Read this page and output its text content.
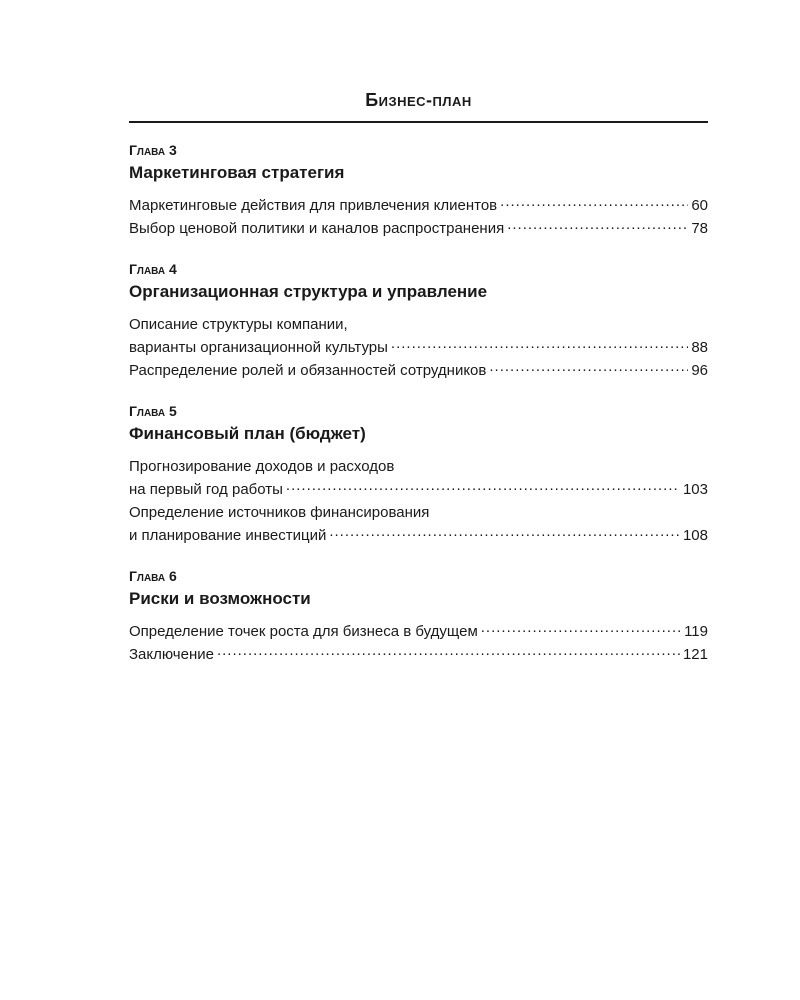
Бизнес-план
Глава 3
Маркетинговая стратегия
Маркетинговые действия для привлечения клиентов .....	60
Выбор ценовой политики и каналов распространения .....	78
Глава 4
Организационная структура и управление
Описание структуры компании,
варианты организационной культуры .....	88
Распределение ролей и обязанностей сотрудников .....	96
Глава 5
Финансовый план (бюджет)
Прогнозирование доходов и расходов
на первый год работы .....	103
Определение источников финансирования
и планирование инвестиций .....	108
Глава 6
Риски и возможности
Определение точек роста для бизнеса в будущем .....	119
Заключение .....	121
